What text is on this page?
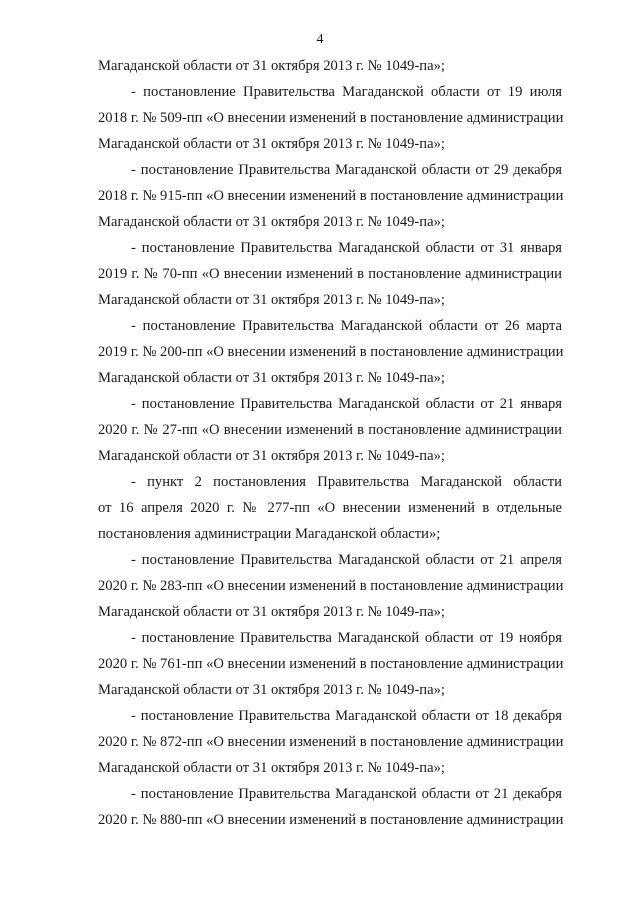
4
Магаданской области от 31 октября 2013 г. № 1049-па»;
- постановление Правительства Магаданской области от 19 июля
2018 г. № 509-пп «О внесении изменений в постановление администрации
Магаданской области от 31 октября 2013 г. № 1049-па»;
- постановление Правительства Магаданской области от 29 декабря
2018 г. № 915-пп «О внесении изменений в постановление администрации
Магаданской области от 31 октября 2013 г. № 1049-па»;
- постановление Правительства Магаданской области от 31 января
2019 г. № 70-пп «О внесении изменений в постановление администрации
Магаданской области от 31 октября 2013 г. № 1049-па»;
- постановление Правительства Магаданской области от 26 марта
2019 г. № 200-пп «О внесении изменений в постановление администрации
Магаданской области от 31 октября 2013 г. № 1049-па»;
- постановление Правительства Магаданской области от 21 января
2020 г. № 27-пп «О внесении изменений в постановление администрации
Магаданской области от 31 октября 2013 г. № 1049-па»;
- пункт 2 постановления Правительства Магаданской области
от 16 апреля 2020 г. № 277-пп «О внесении изменений в отдельные
постановления администрации Магаданской области»;
- постановление Правительства Магаданской области от 21 апреля
2020 г. № 283-пп «О внесении изменений в постановление администрации
Магаданской области от 31 октября 2013 г. № 1049-па»;
- постановление Правительства Магаданской области от 19 ноября
2020 г. № 761-пп «О внесении изменений в постановление администрации
Магаданской области от 31 октября 2013 г. № 1049-па»;
- постановление Правительства Магаданской области от 18 декабря
2020 г. № 872-пп «О внесении изменений в постановление администрации
Магаданской области от 31 октября 2013 г. № 1049-па»;
- постановление Правительства Магаданской области от 21 декабря
2020 г. № 880-пп «О внесении изменений в постановление администрации
